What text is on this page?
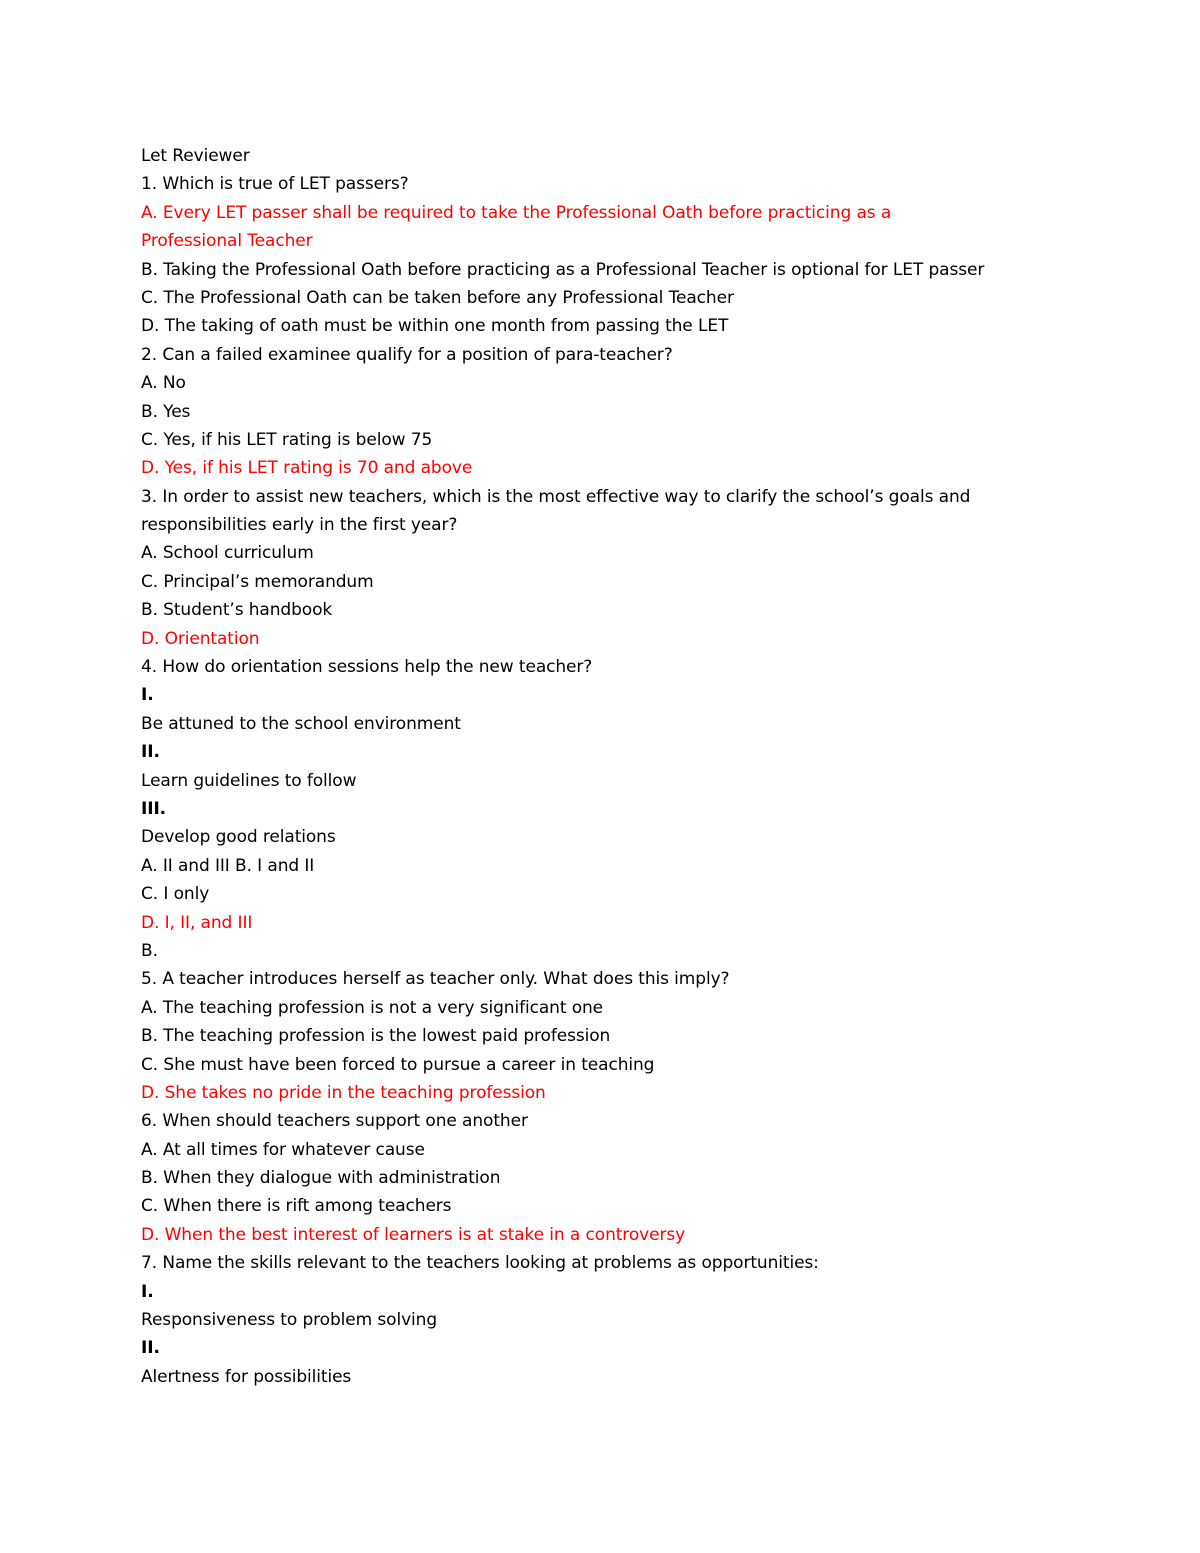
Let Reviewer
1. Which is true of LET passers?
A. Every LET passer shall be required to take the Professional Oath before practicing as a
Professional Teacher
B. Taking the Professional Oath before practicing as a Professional Teacher is optional for LET passer
C. The Professional Oath can be taken before any Professional Teacher
D. The taking of oath must be within one month from passing the LET
2. Can a failed examinee qualify for a position of para-teacher?
A. No
B. Yes
C. Yes, if his LET rating is below 75
D. Yes, if his LET rating is 70 and above
3. In order to assist new teachers, which is the most effective way to clarify the school’s goals and
responsibilities early in the first year?
A. School curriculum
C. Principal’s memorandum
B. Student’s handbook
D. Orientation
4. How do orientation sessions help the new teacher?
I.
Be attuned to the school environment
II.
Learn guidelines to follow
III.
Develop good relations
A. II and III B. I and II
C. I only
D. I, II, and III
B.
5. A teacher introduces herself as teacher only. What does this imply?
A. The teaching profession is not a very significant one
B. The teaching profession is the lowest paid profession
C. She must have been forced to pursue a career in teaching
D. She takes no pride in the teaching profession
6. When should teachers support one another
A. At all times for whatever cause
B. When they dialogue with administration
C. When there is rift among teachers
D. When the best interest of learners is at stake in a controversy
7. Name the skills relevant to the teachers looking at problems as opportunities:
I.
Responsiveness to problem solving
II.
Alertness for possibilities
